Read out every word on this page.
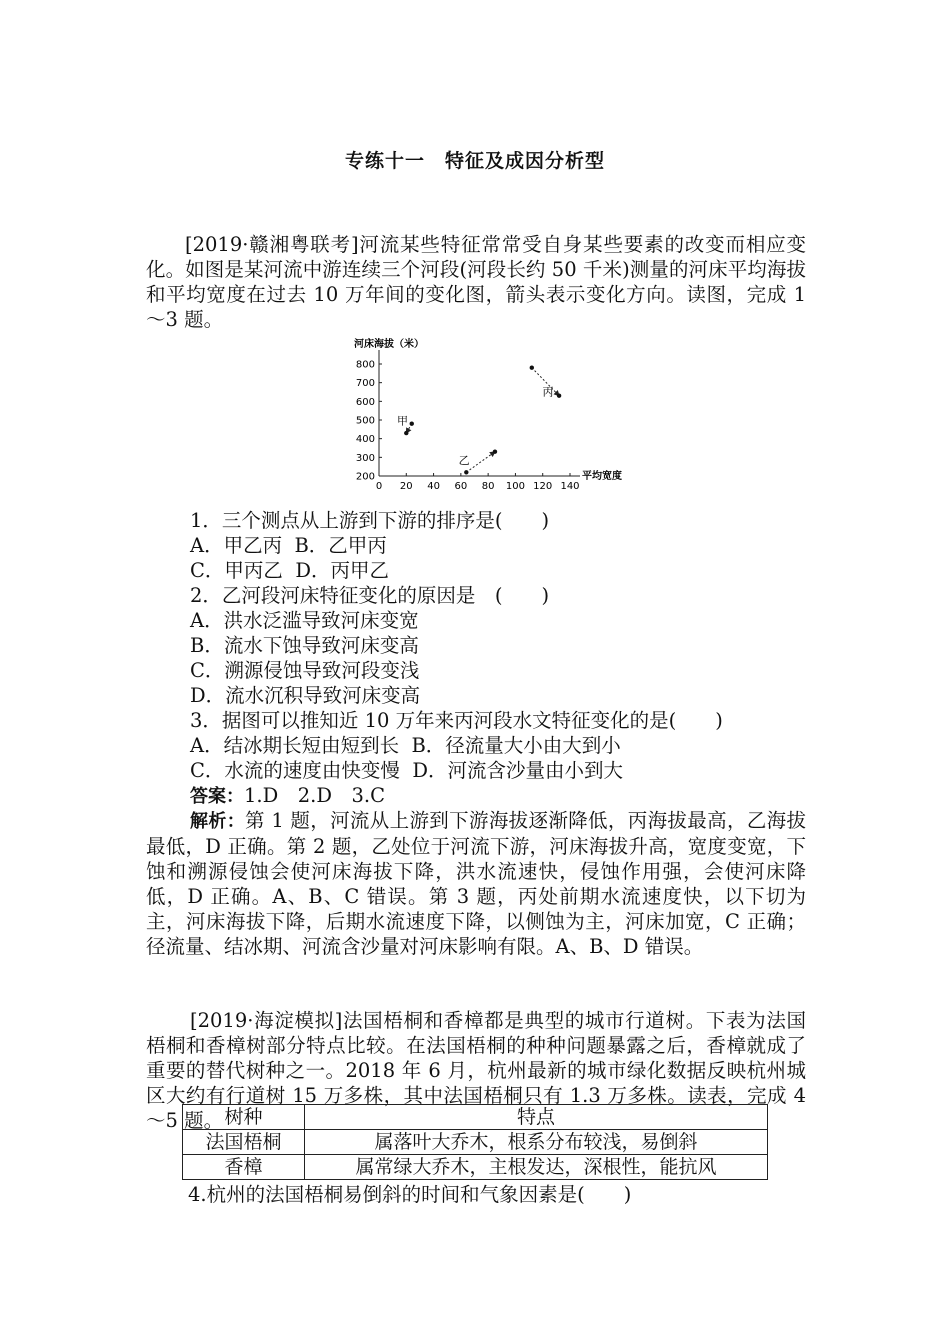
专练十一　特征及成因分析型

[2019·赣湘粤联考]河流某些特征常常受自身某些要素的改变而相应变化。如图是某河流中游连续三个河段(河段长约 50 千米)测量的河床平均海拔和平均宽度在过去 10 万年间的变化图，箭头表示变化方向。读图，完成 1～3 题。

河床海拔（米）
平均宽度
0 20 40 60 80 100 120 140
200
300
400
500
600
700
800
甲
乙
丙
1．三个测点从上游到下游的排序是(　　)
A．甲乙丙  B．乙甲丙
C．甲丙乙  D．丙甲乙
2．乙河段河床特征变化的原因是　(　　)
A．洪水泛滥导致河床变宽
B．流水下蚀导致河床变高
C．溯源侵蚀导致河段变浅
D．流水沉积导致河床变高
3．据图可以推知近 10 万年来丙河段水文特征变化的是(　　)
A．结冰期长短由短到长  B．径流量大小由大到小
C．水流的速度由快变慢  D．河流含沙量由小到大
答案：1.D　2.D　3.C

解析：第 1 题，河流从上游到下游海拔逐渐降低，丙海拔最高，乙海拔最低，D 正确。第 2 题，乙处位于河流下游，河床海拔升高，宽度变宽，下蚀和溯源侵蚀会使河床海拔下降，洪水流速快，侵蚀作用强，会使河床降低，D 正确。A、B、C 错误。第 3 题，丙处前期水流速度快，以下切为主，河床海拔下降，后期水流速度下降，以侧蚀为主，河床加宽，C 正确；径流量、结冰期、河流含沙量对河床影响有限。A、B、D 错误。

[2019·海淀模拟]法国梧桐和香樟都是典型的城市行道树。下表为法国梧桐和香樟树部分特点比较。在法国梧桐的种种问题暴露之后，香樟就成了重要的替代树种之一。2018 年 6 月，杭州最新的城市绿化数据反映杭州城区大约有行道树 15 万多株，其中法国梧桐只有 1.3 万多株。读表，完成 4～5 题。 树种	特点
法国梧桐	属落叶大乔木，根系分布较浅，易倒斜
香樟	属常绿大乔木，主根发达，深根性，能抗风
4.杭州的法国梧桐易倒斜的时间和气象因素是(　　)
